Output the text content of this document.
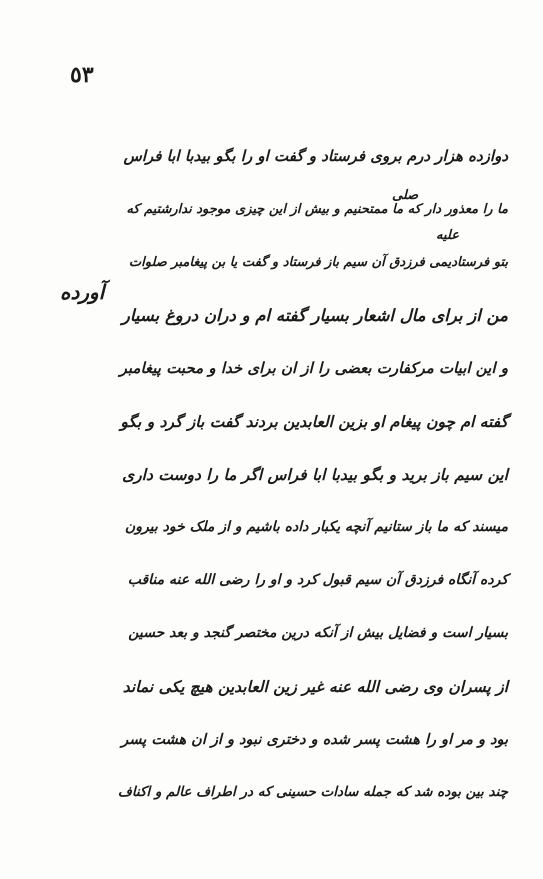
٥٣
آورده
صلى
علیه
دوازده هزار درم بروی فرستاد و گفت او را بگو بیدبا ابا فراس
ما را معذور دار که ما ممتحنیم و بیش از این چیزی موجود ندارشتیم که
بتو فرستادیمی فرزدق آن سیم باز فرستاد و گفت یا بن پیغامبر صلوات
من از برای مال اشعار بسیار گفته ام و دران دروغ بسیار
و این ابیات مرکفارت بعضی را از ان برای خدا و محبت پیغامبر
گفته ام چون پیغام او بزین العابدین بردند گفت باز گرد و بگو
این سیم باز برید و بگو بیدبا ابا فراس اگر ما را دوست داری
میسند که ما باز ستانیم آنچه یکبار داده باشیم و از ملک خود بیرون
کرده آنگاه فرزدق آن سیم قبول کرد و او را رضی الله عنه مناقب
بسیار است و فضایل بیش از آنکه درین مختصر گنجد و بعد حسین
از پسران وی رضی الله عنه غیر زین العابدین هیچ یکی نماند
بود و مر او را هشت پسر شده و دختری نبود و از ان هشت پسر
چند بین بوده شد که جمله سادات حسینی که در اطراف عالم و اکناف
